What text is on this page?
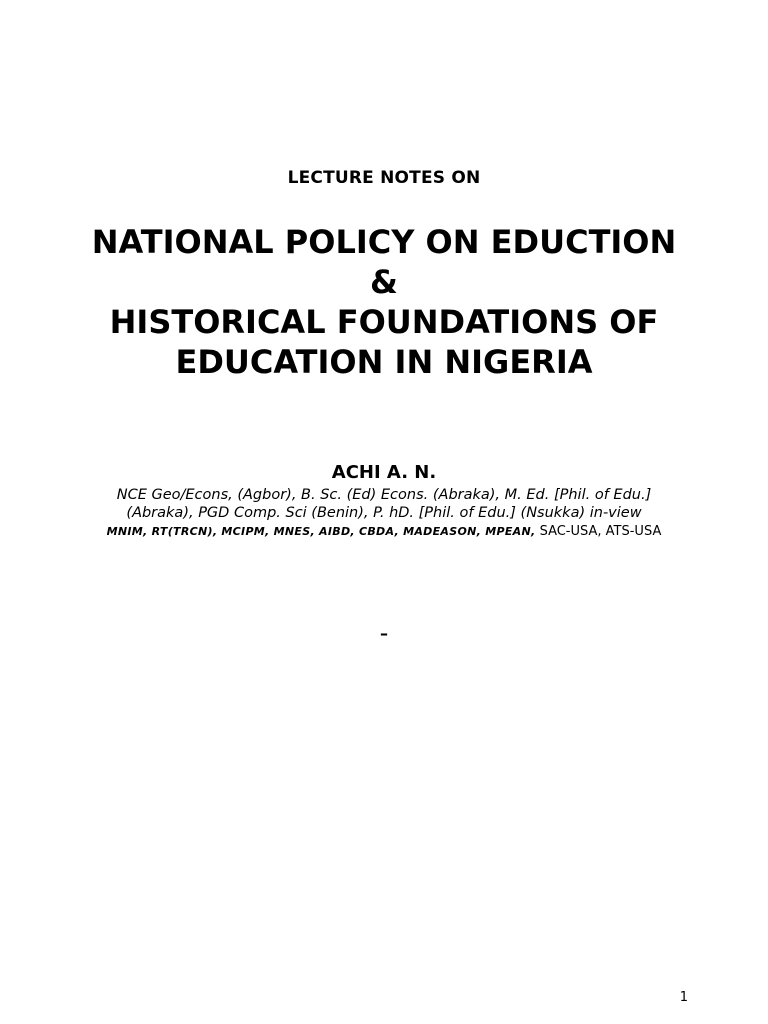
LECTURE NOTES ON
NATIONAL POLICY ON EDUCTION
&
HISTORICAL FOUNDATIONS OF
EDUCATION IN NIGERIA
ACHI A. N.
NCE Geo/Econs, (Agbor), B. Sc. (Ed) Econs. (Abraka), M. Ed. [Phil. of Edu.] (Abraka), PGD Comp. Sci (Benin), P. hD. [Phil. of Edu.] (Nsukka) in-view
MNIM, RT(TRCN), MCIPM, MNES, AIBD, CBDA, MADEASON, MPEAN, SAC-USA, ATS-USA
–
1
